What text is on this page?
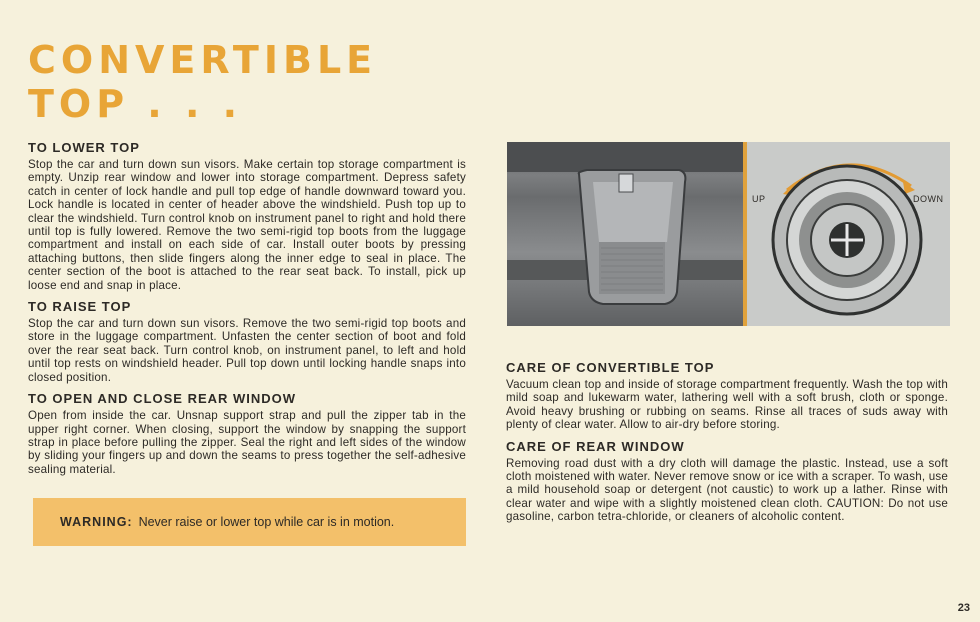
CONVERTIBLE
TOP . . .
TO LOWER TOP

Stop the car and turn down sun visors. Make certain top storage compartment is empty. Unzip rear window and lower into storage compartment. Depress safety catch in center of lock handle and pull top edge of handle downward toward you. Lock handle is located in center of header above the windshield. Push top up to clear the windshield. Turn control knob on instrument panel to right and hold there until top is fully lowered. Remove the two semi-rigid top boots from the luggage compartment and install on each side of car. Install outer boots by pressing attaching buttons, then slide fingers along the inner edge to seal in place. The center section of the boot is attached to the rear seat back. To install, pick up loose end and snap in place.

TO RAISE TOP

Stop the car and turn down sun visors. Remove the two semi-rigid top boots and store in the luggage compartment. Unfasten the center section of boot and fold over the rear seat back. Turn control knob, on instrument panel, to left and hold until top rests on windshield header. Pull top down until locking handle snaps into closed position.

TO OPEN AND CLOSE REAR WINDOW

Open from inside the car. Unsnap support strap and pull the zipper tab in the upper right corner. When closing, support the window by snapping the support strap in place before pulling the zipper. Seal the right and left sides of the window by sliding your fingers up and down the seams to press together the self-adhesive sealing material.

WARNING: Never raise or lower top while car is in motion.
UP	DOWN
CARE OF CONVERTIBLE TOP

Vacuum clean top and inside of storage compartment frequently. Wash the top with mild soap and lukewarm water, lathering well with a soft brush, cloth or sponge. Avoid heavy brushing or rubbing on seams. Rinse all traces of suds away with plenty of clear water. Allow to air-dry before storing.

CARE OF REAR WINDOW

Removing road dust with a dry cloth will damage the plastic. Instead, use a soft cloth moistened with water. Never remove snow or ice with a scraper. To wash, use a mild household soap or detergent (not caustic) to work up a lather. Rinse with clear water and wipe with a slightly moistened clean cloth. CAUTION: Do not use gasoline, carbon tetra-chloride, or cleaners of alcoholic content.

23
